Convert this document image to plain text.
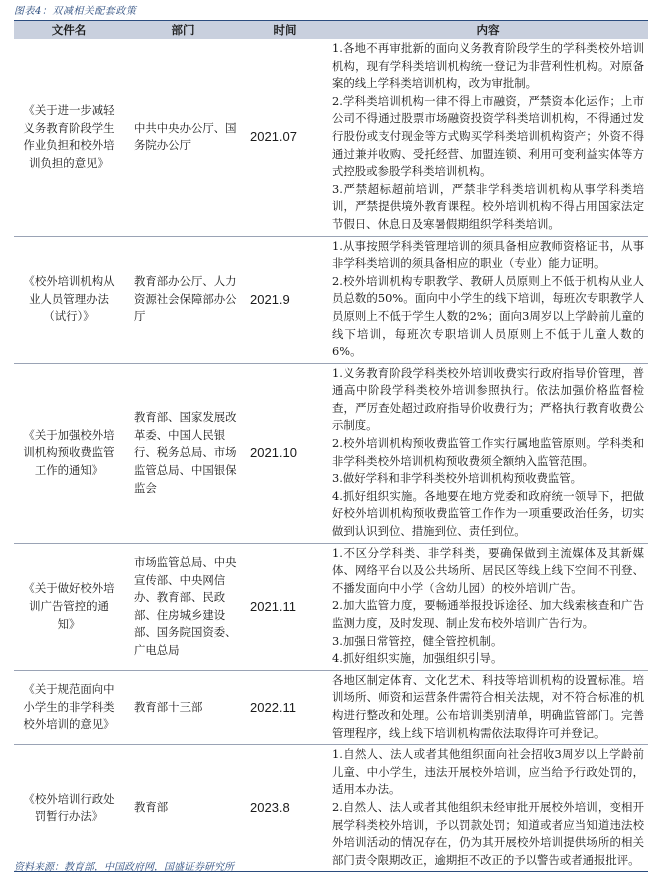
图表4：双减相关配套政策
文件名	部门	时间	内容
《关于进一步减轻义务教育阶段学生作业负担和校外培训负担的意见》	中共中央办公厅、国务院办公厅	2021.07	1.各地不再审批新的面向义务教育阶段学生的学科类校外培训机构，现有学科类培训机构统一登记为非营利性机构。对原备案的线上学科类培训机构，改为审批制。

2.学科类培训机构一律不得上市融资，严禁资本化运作；上市公司不得通过股票市场融资投资学科类培训机构，不得通过发行股份或支付现金等方式购买学科类培训机构资产；外资不得通过兼并收购、受托经营、加盟连锁、利用可变利益实体等方式控股或参股学科类培训机构。

3.严禁超标超前培训，严禁非学科类培训机构从事学科类培训，严禁提供境外教育课程。校外培训机构不得占用国家法定节假日、休息日及寒暑假期组织学科类培训。

《校外培训机构从业人员管理办法（试行）》	教育部办公厅、人力资源社会保障部办公厅	2021.9	1.从事按照学科类管理培训的须具备相应教师资格证书，从事非学科类培训的须具备相应的职业（专业）能力证明。

2.校外培训机构专职教学、教研人员原则上不低于机构从业人员总数的50%。面向中小学生的线下培训，每班次专职教学人员原则上不低于学生人数的2%；面向3周岁以上学龄前儿童的线下培训，每班次专职培训人员原则上不低于儿童人数的6%。

《关于加强校外培训机构预收费监管工作的通知》	教育部、国家发展改革委、中国人民银行、税务总局、市场监管总局、中国银保监会	2021.10	1.义务教育阶段学科类校外培训收费实行政府指导价管理，普通高中阶段学科类校外培训参照执行。依法加强价格监督检查，严厉查处超过政府指导价收费行为；严格执行教育收费公示制度。

2.校外培训机构预收费监管工作实行属地监管原则。学科类和非学科类校外培训机构预收费须全额纳入监管范围。

3.做好学科和非学科类校外培训机构预收费监管。

4.抓好组织实施。各地要在地方党委和政府统一领导下，把做好校外培训机构预收费监管工作作为一项重要政治任务，切实做到认识到位、措施到位、责任到位。

《关于做好校外培训广告管控的通知》	市场监管总局、中央宣传部、中央网信办、教育部、民政部、住房城乡建设部、国务院国资委、广电总局	2021.11	1.不区分学科类、非学科类，要确保做到主流媒体及其新媒体、网络平台以及公共场所、居民区等线上线下空间不刊登、不播发面向中小学（含幼儿园）的校外培训广告。

2.加大监管力度，要畅通举报投诉途径、加大线索核查和广告监测力度，及时发现、制止发布校外培训广告行为。

3.加强日常管控，健全管控机制。

4.抓好组织实施，加强组织引导。

《关于规范面向中小学生的非学科类校外培训的意见》	教育部十三部	2022.11	各地区制定体育、文化艺术、科技等培训机构的设置标准。培训场所、师资和运营条件需符合相关法规，对不符合标准的机构进行整改和处理。公布培训类别清单，明确监管部门。完善管理程序，线上线下培训机构需依法取得许可并登记。

《校外培训行政处罚暂行办法》	教育部	2023.8	1.自然人、法人或者其他组织面向社会招收3周岁以上学龄前儿童、中小学生，违法开展校外培训，应当给予行政处罚的，适用本办法。

2.自然人、法人或者其他组织未经审批开展校外培训，变相开展学科类校外培训，予以罚款处罚；知道或者应当知道违法校外培训活动的情况存在，仍为其开展校外培训提供场所的相关部门责令限期改正，逾期拒不改正的予以警告或者通报批评。

资料来源：教育部，中国政府网，国盛证券研究所
